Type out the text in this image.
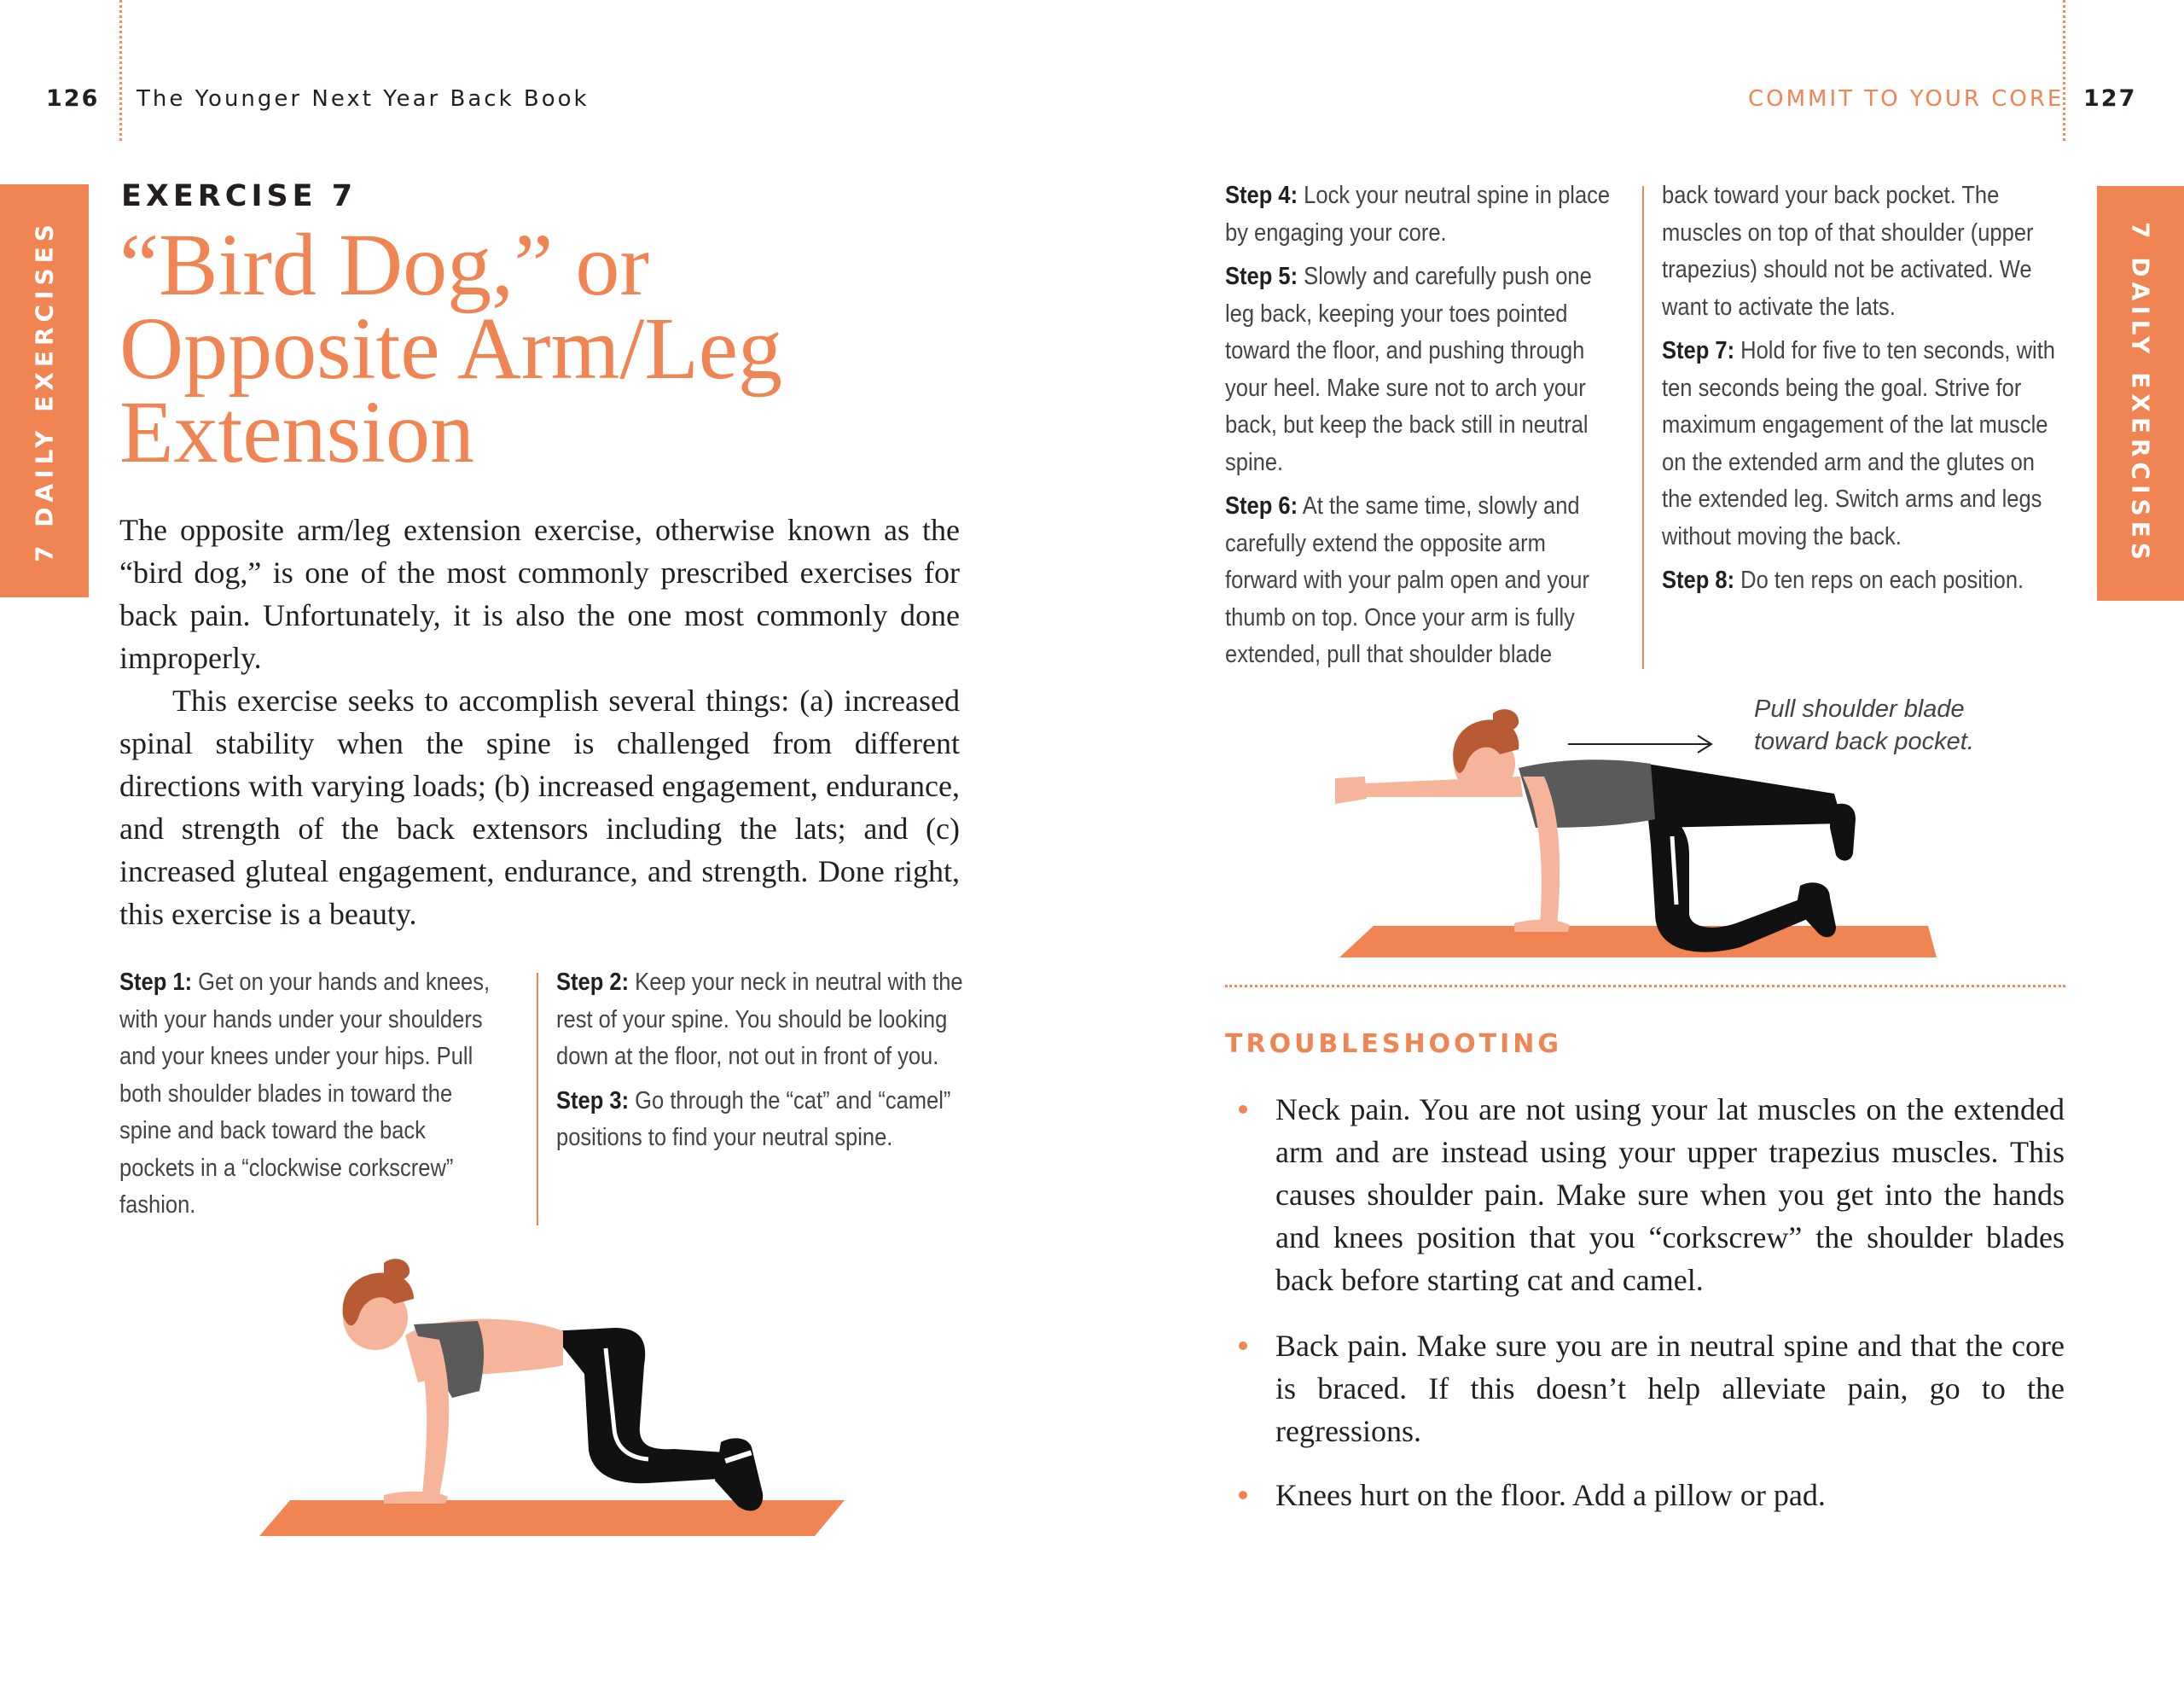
126 The Younger Next Year Back Book
7 DAILY EXERCISES
EXERCISE 7
“Bird Dog,” or
Opposite Arm/Leg
Extension

The opposite arm/leg extension exercise, otherwise known as the “bird dog,” is one of the most commonly prescribed exercises for back pain. Unfortunately, it is also the one most commonly done improperly.

This exercise seeks to accomplish several things: (a) increased spinal stability when the spine is challenged from different directions with varying loads; (b) increased engagement, endurance, and strength of the back extensors including the lats; and (c) increased gluteal engagement, endurance, and strength. Done right, this exercise is a beauty.

Step 1: Get on your hands and knees, with your hands under your shoulders and your knees under your hips. Pull both shoulder blades in toward the spine and back toward the back pockets in a “clockwise corkscrew” fashion.

Step 2: Keep your neck in neutral with the rest of your spine. You should be looking down at the floor, not out in front of you.

Step 3: Go through the “cat” and “camel” positions to find your neutral spine.

COMMIT TO YOUR CORE 127
7 DAILY EXERCISES

Step 4: Lock your neutral spine in place by engaging your core.

Step 5: Slowly and carefully push one leg back, keeping your toes pointed toward the floor, and pushing through your heel. Make sure not to arch your back, but keep the back still in neutral spine.

Step 6: At the same time, slowly and carefully extend the opposite arm forward with your palm open and your thumb on top. Once your arm is fully extended, pull that shoulder blade

back toward your back pocket. The muscles on top of that shoulder (upper trapezius) should not be activated. We want to activate the lats.

Step 7: Hold for five to ten seconds, with ten seconds being the goal. Strive for maximum engagement of the lat muscle on the extended arm and the glutes on the extended leg. Switch arms and legs without moving the back.

Step 8: Do ten reps on each position.

Pull shoulder blade toward back pocket.
TROUBLESHOOTING
Neck pain. You are not using your lat muscles on the extended arm and are instead using your upper trapezius muscles. This causes shoulder pain. Make sure when you get into the hands and knees position that you “corkscrew” the shoulder blades back before starting cat and camel.
Back pain. Make sure you are in neutral spine and that the core is braced. If this doesn’t help alleviate pain, go to the regressions.
Knees hurt on the floor. Add a pillow or pad.
